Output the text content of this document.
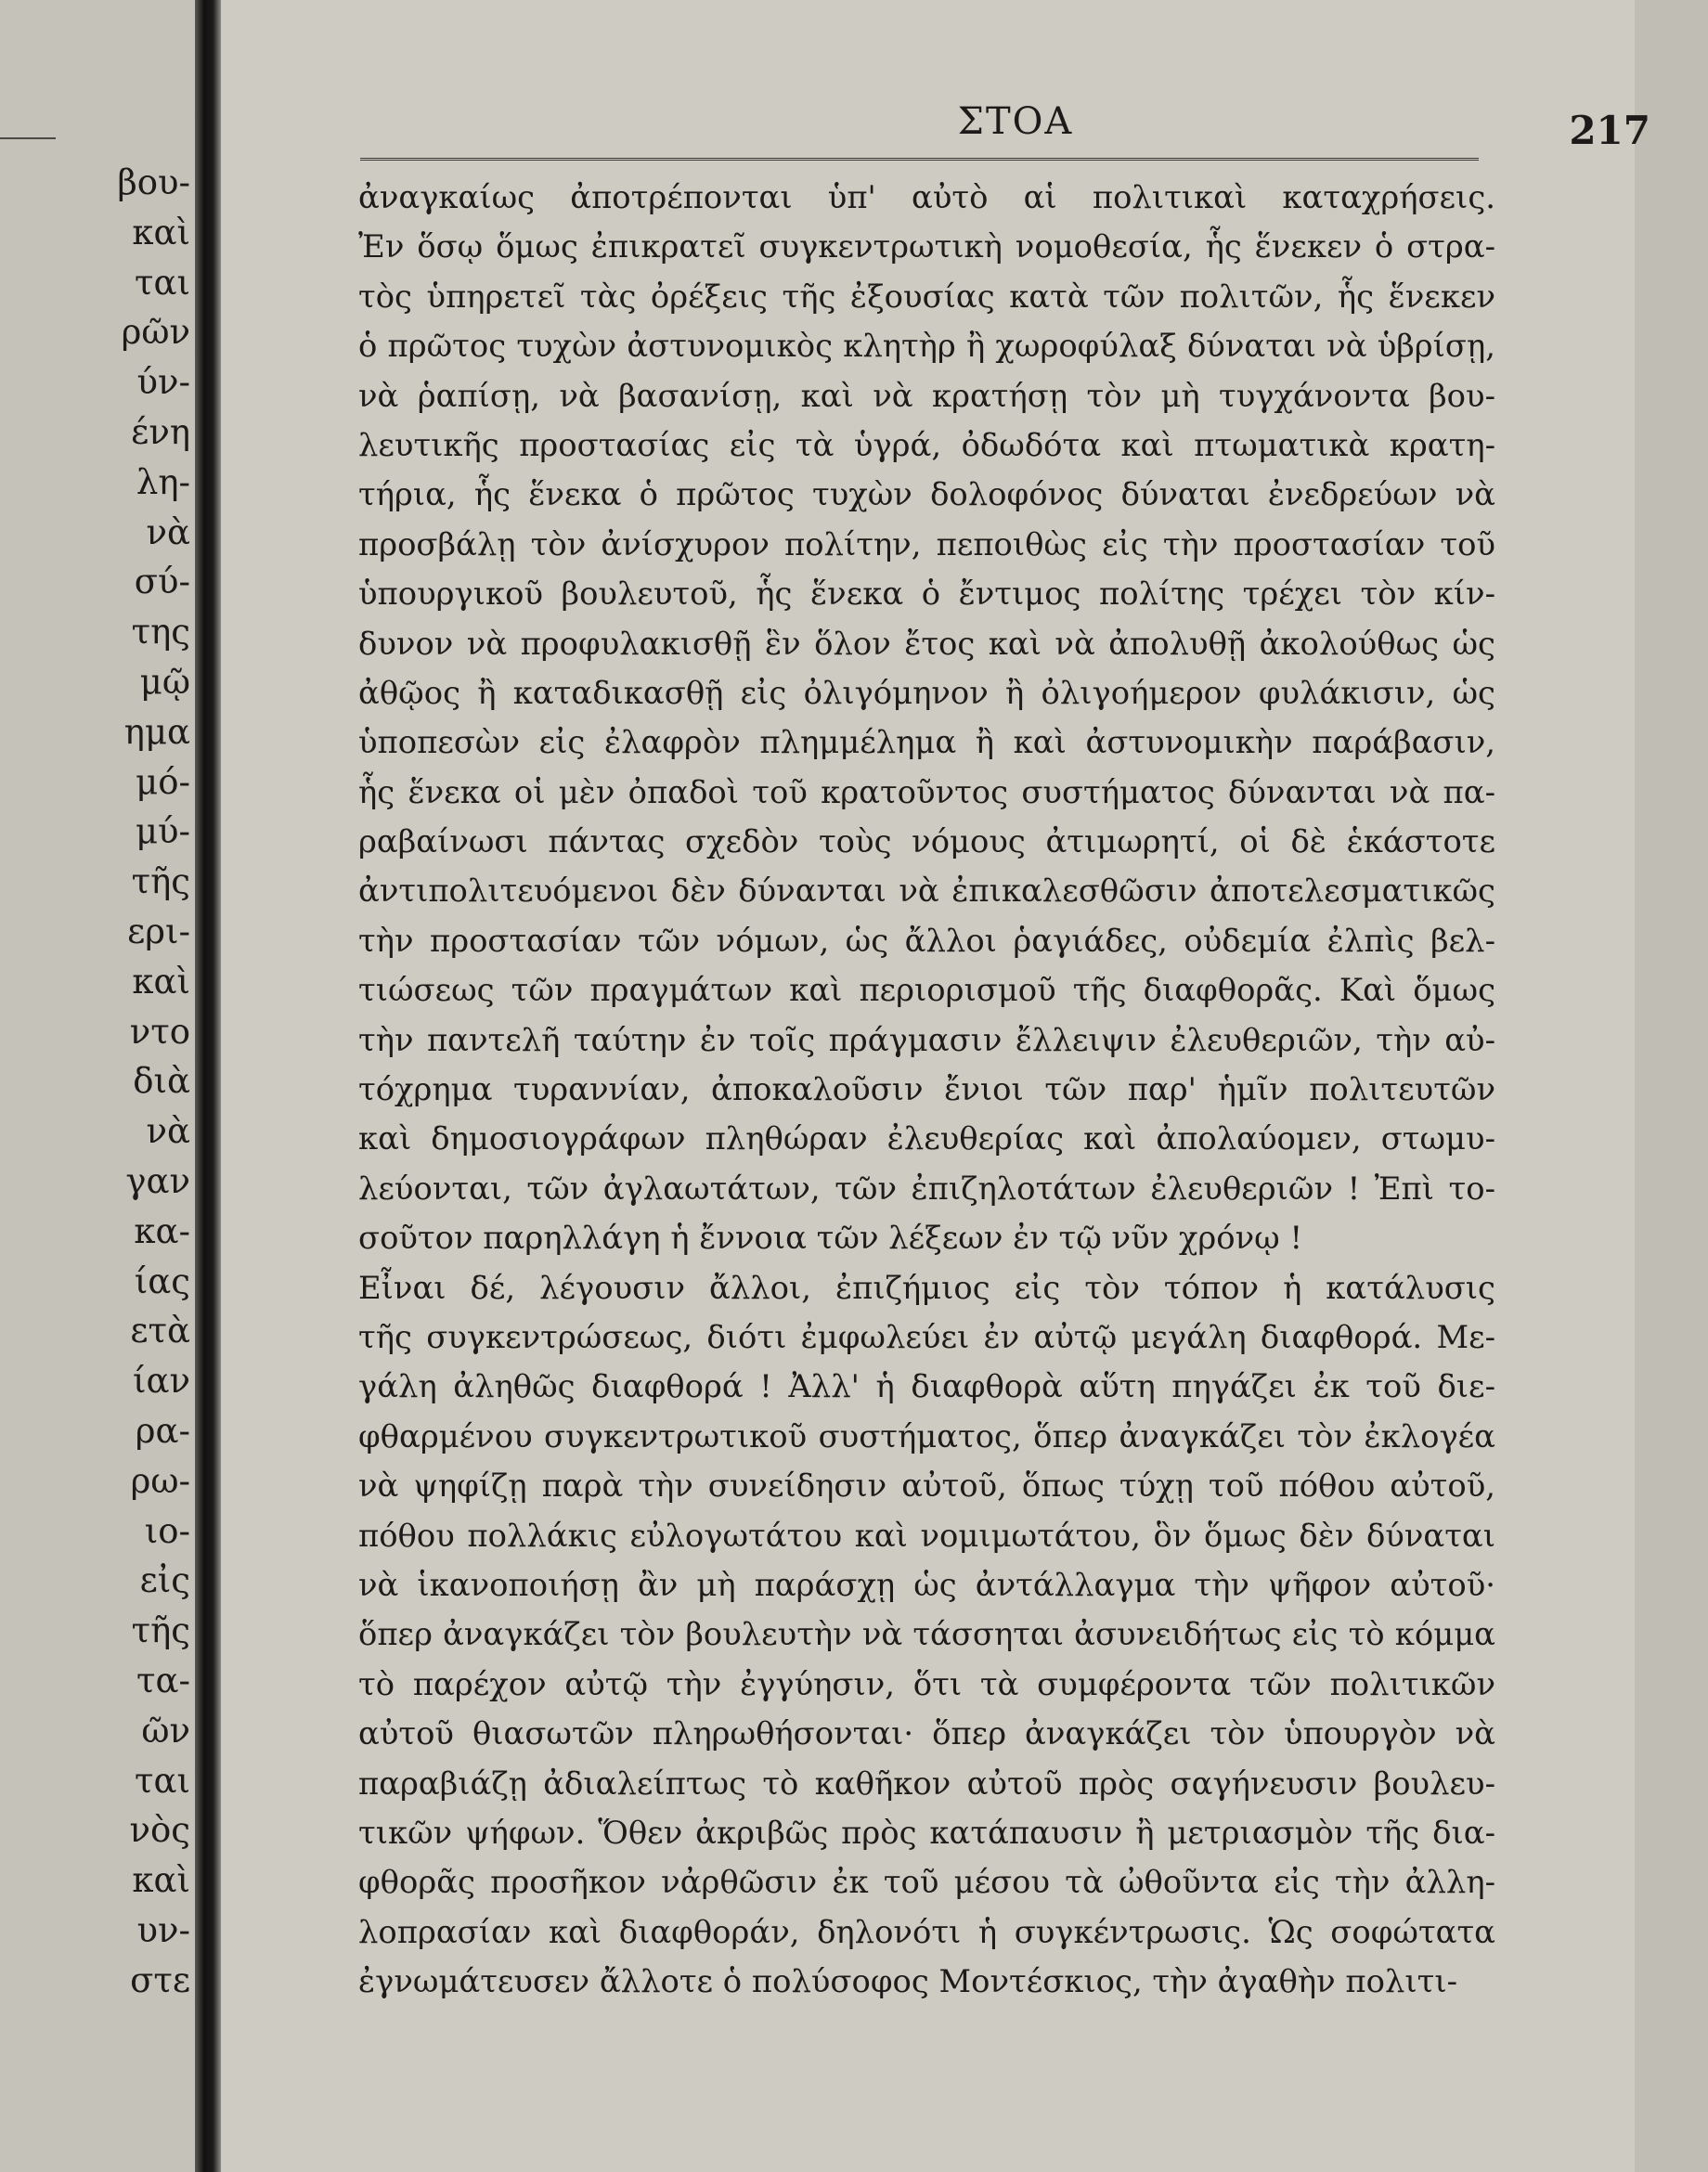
βου-
καὶ
ται
ρῶν
ύν-
ένη
λη-
νὰ
σύ-
της
μῷ
ημα
μό-
μύ-
τῆς
ερι-
καὶ
ντο
διὰ
νὰ
γαν
κα-
ίας
ετὰ
ίαν
ρα-
ρω-
ιο-
εἰς
τῆς
τα-
ῶν
ται
νὸς
καὶ
υν-
στε
ΣΤΟΑ	217
ἀναγκαίως ἀποτρέπονται ὑπ' αὐτὸ αἱ πολιτικαὶ καταχρήσεις.
Ἐν ὅσῳ ὅμως ἐπικρατεῖ συγκεντρωτικὴ νομοθεσία, ἧς ἕνεκεν ὁ στρα-
τὸς ὑπηρετεῖ τὰς ὀρέξεις τῆς ἐξουσίας κατὰ τῶν πολιτῶν, ἧς ἕνεκεν
ὁ πρῶτος τυχὼν ἀστυνομικὸς κλητὴρ ἢ χωροφύλαξ δύναται νὰ ὑβρίσῃ,
νὰ ῥαπίσῃ, νὰ βασανίσῃ, καὶ νὰ κρατήσῃ τὸν μὴ τυγχάνοντα βου-
λευτικῆς προστασίας εἰς τὰ ὑγρά, ὀδωδότα καὶ πτωματικὰ κρατη-
τήρια, ἧς ἕνεκα ὁ πρῶτος τυχὼν δολοφόνος δύναται ἐνεδρεύων νὰ
προσβάλῃ τὸν ἀνίσχυρον πολίτην, πεποιθὼς εἰς τὴν προστασίαν τοῦ
ὑπουργικοῦ βουλευτοῦ, ἧς ἕνεκα ὁ ἔντιμος πολίτης τρέχει τὸν κίν-
δυνον νὰ προφυλακισθῇ ἓν ὅλον ἔτος καὶ νὰ ἀπολυθῇ ἀκολούθως ὡς
ἀθῷος ἢ καταδικασθῇ εἰς ὀλιγόμηνον ἢ ὀλιγοήμερον φυλάκισιν, ὡς
ὑποπεσὼν εἰς ἐλαφρὸν πλημμέλημα ἢ καὶ ἀστυνομικὴν παράβασιν,
ἧς ἕνεκα οἱ μὲν ὀπαδοὶ τοῦ κρατοῦντος συστήματος δύνανται νὰ πα-
ραβαίνωσι πάντας σχεδὸν τοὺς νόμους ἀτιμωρητί, οἱ δὲ ἑκάστοτε
ἀντιπολιτευόμενοι δὲν δύνανται νὰ ἐπικαλεσθῶσιν ἀποτελεσματικῶς
τὴν προστασίαν τῶν νόμων, ὡς ἄλλοι ῥαγιάδες, οὐδεμία ἐλπὶς βελ-
τιώσεως τῶν πραγμάτων καὶ περιορισμοῦ τῆς διαφθορᾶς. Καὶ ὅμως
τὴν παντελῆ ταύτην ἐν τοῖς πράγμασιν ἔλλειψιν ἐλευθεριῶν, τὴν αὐ-
τόχρημα τυραννίαν, ἀποκαλοῦσιν ἔνιοι τῶν παρ' ἡμῖν πολιτευτῶν
καὶ δημοσιογράφων πληθώραν ἐλευθερίας καὶ ἀπολαύομεν, στωμυ-
λεύονται, τῶν ἀγλαωτάτων, τῶν ἐπιζηλοτάτων ἐλευθεριῶν ! Ἐπὶ το-
σοῦτον παρηλλάγη ἡ ἔννοια τῶν λέξεων ἐν τῷ νῦν χρόνῳ !
Εἶναι δέ, λέγουσιν ἄλλοι, ἐπιζήμιος εἰς τὸν τόπον ἡ κατάλυσις
τῆς συγκεντρώσεως, διότι ἐμφωλεύει ἐν αὐτῷ μεγάλη διαφθορά. Με-
γάλη ἀληθῶς διαφθορά ! Ἀλλ' ἡ διαφθορὰ αὕτη πηγάζει ἐκ τοῦ διε-
φθαρμένου συγκεντρωτικοῦ συστήματος, ὅπερ ἀναγκάζει τὸν ἐκλογέα
νὰ ψηφίζῃ παρὰ τὴν συνείδησιν αὐτοῦ, ὅπως τύχῃ τοῦ πόθου αὐτοῦ,
πόθου πολλάκις εὐλογωτάτου καὶ νομιμωτάτου, ὃν ὅμως δὲν δύναται
νὰ ἱκανοποιήσῃ ἂν μὴ παράσχῃ ὡς ἀντάλλαγμα τὴν ψῆφον αὐτοῦ·
ὅπερ ἀναγκάζει τὸν βουλευτὴν νὰ τάσσηται ἀσυνειδήτως εἰς τὸ κόμμα
τὸ παρέχον αὐτῷ τὴν ἐγγύησιν, ὅτι τὰ συμφέροντα τῶν πολιτικῶν
αὐτοῦ θιασωτῶν πληρωθήσονται· ὅπερ ἀναγκάζει τὸν ὑπουργὸν νὰ
παραβιάζῃ ἀδιαλείπτως τὸ καθῆκον αὐτοῦ πρὸς σαγήνευσιν βουλευ-
τικῶν ψήφων. Ὅθεν ἀκριβῶς πρὸς κατάπαυσιν ἢ μετριασμὸν τῆς δια-
φθορᾶς προσῆκον νἀρθῶσιν ἐκ τοῦ μέσου τὰ ὠθοῦντα εἰς τὴν ἀλλη-
λοπρασίαν καὶ διαφθοράν, δηλονότι ἡ συγκέντρωσις. Ὡς σοφώτατα
ἐγνωμάτευσεν ἄλλοτε ὁ πολύσοφος Μοντέσκιος, τὴν ἀγαθὴν πολιτι-
